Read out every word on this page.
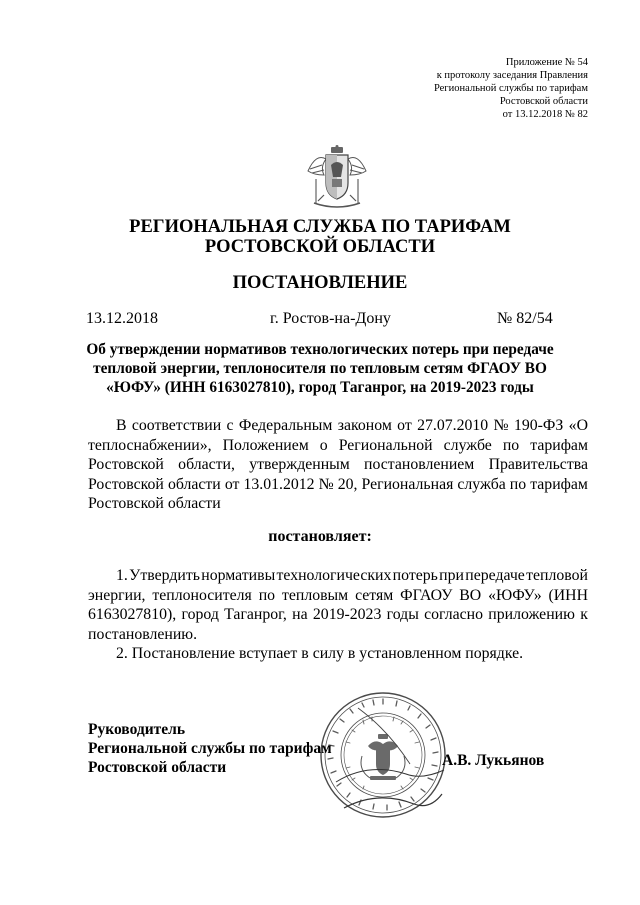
Приложение № 54
к протоколу заседания Правления
Региональной службы по тарифам
Ростовской области
от 13.12.2018 № 82
РЕГИОНАЛЬНАЯ СЛУЖБА ПО ТАРИФАМ
РОСТОВСКОЙ ОБЛАСТИ
ПОСТАНОВЛЕНИЕ
13.12.2018	г. Ростов-на-Дону	№ 82/54
Об утверждении нормативов технологических потерь при передаче
тепловой энергии, теплоносителя по тепловым сетям ФГАОУ ВО
«ЮФУ» (ИНН 6163027810), город Таганрог, на 2019-2023 годы
В соответствии с Федеральным законом от 27.07.2010 № 190-ФЗ «О
теплоснабжении», Положением о Региональной службе по тарифам
Ростовской области, утвержденным постановлением Правительства
Ростовской области от 13.01.2012 № 20, Региональная служба по тарифам
Ростовской области
постановляет:
1. Утвердить нормативы технологических потерь при передаче тепловой
энергии, теплоносителя по тепловым сетям ФГАОУ ВО «ЮФУ» (ИНН
6163027810), город Таганрог, на 2019-2023 годы согласно приложению к
постановлению.
2. Постановление вступает в силу в установленном порядке.
Руководитель
Региональной службы по тарифам
Ростовской области	А.В. Лукьянов
